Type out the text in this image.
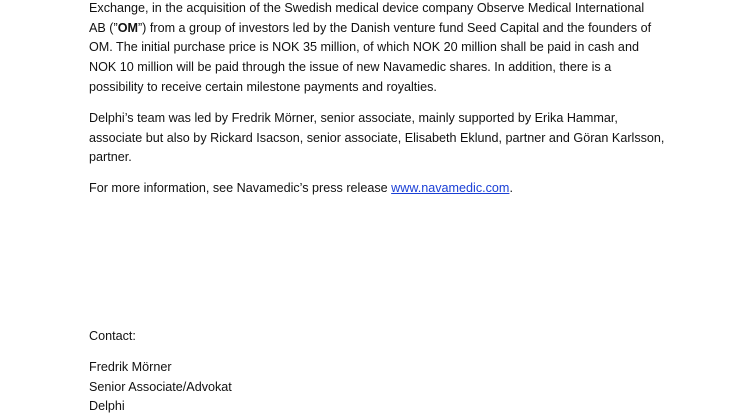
Exchange, in the acquisition of the Swedish medical device company Observe Medical International
AB (”OM”) from a group of investors led by the Danish venture fund Seed Capital and the founders of
OM. The initial purchase price is NOK 35 million, of which NOK 20 million shall be paid in cash and
NOK 10 million will be paid through the issue of new Navamedic shares. In addition, there is a
possibility to receive certain milestone payments and royalties.

Delphi’s team was led by Fredrik Mörner, senior associate, mainly supported by Erika Hammar,
associate but also by Rickard Isacson, senior associate, Elisabeth Eklund, partner and Göran Karlsson,
partner.

For more information, see Navamedic’s press release www.navamedic.com.

Contact:

Fredrik Mörner
Senior Associate/Advokat
Delphi
